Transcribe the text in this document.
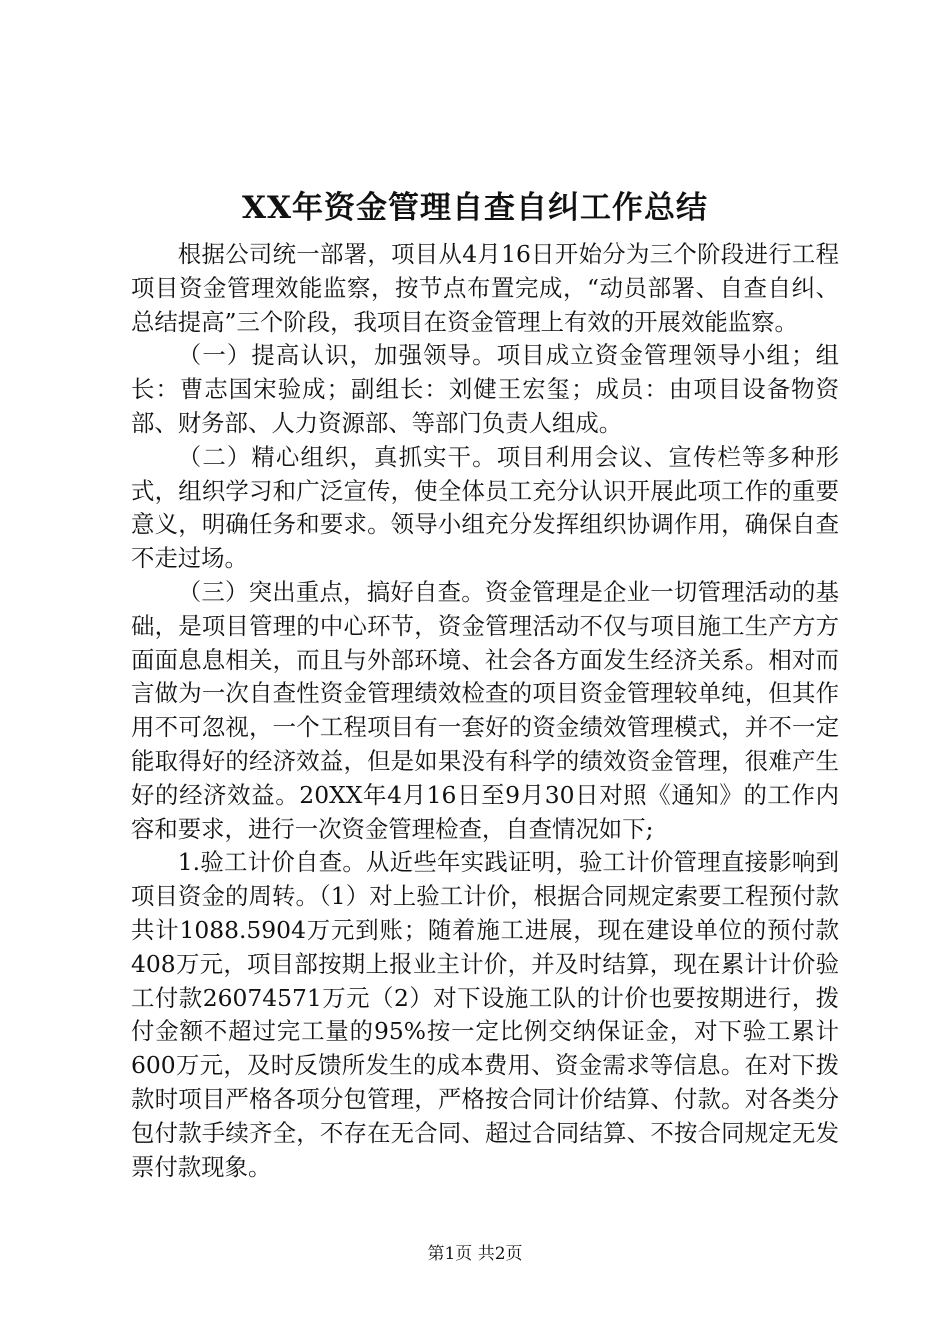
XX年资金管理自查自纠工作总结

根据公司统一部署，项目从4月16日开始分为三个阶段进行工程项目资金管理效能监察，按节点布置完成，“动员部署、自查自纠、总结提高”三个阶段，我项目在资金管理上有效的开展效能监察。

（一）提高认识，加强领导。项目成立资金管理领导小组；组长：曹志国宋验成；副组长：刘健王宏玺；成员：由项目设备物资部、财务部、人力资源部、等部门负责人组成。

（二）精心组织，真抓实干。项目利用会议、宣传栏等多种形式，组织学习和广泛宣传，使全体员工充分认识开展此项工作的重要意义，明确任务和要求。领导小组充分发挥组织协调作用，确保自查不走过场。

（三）突出重点，搞好自查。资金管理是企业一切管理活动的基础，是项目管理的中心环节，资金管理活动不仅与项目施工生产方方面面息息相关，而且与外部环境、社会各方面发生经济关系。相对而言做为一次自查性资金管理绩效检查的项目资金管理较单纯，但其作用不可忽视，一个工程项目有一套好的资金绩效管理模式，并不一定能取得好的经济效益，但是如果没有科学的绩效资金管理，很难产生好的经济效益。20XX年4月16日至9月30日对照《通知》的工作内容和要求，进行一次资金管理检查，自查情况如下;

1.验工计价自查。从近些年实践证明，验工计价管理直接影响到项目资金的周转。（1）对上验工计价，根据合同规定索要工程预付款共计1088.5904万元到账；随着施工进展，现在建设单位的预付款408万元，项目部按期上报业主计价，并及时结算，现在累计计价验工付款26074571万元（2）对下设施工队的计价也要按期进行，拨付金额不超过完工量的95%按一定比例交纳保证金，对下验工累计600万元，及时反馈所发生的成本费用、资金需求等信息。在对下拨款时项目严格各项分包管理，严格按合同计价结算、付款。对各类分包付款手续齐全，不存在无合同、超过合同结算、不按合同规定无发票付款现象。

第1页 共2页
